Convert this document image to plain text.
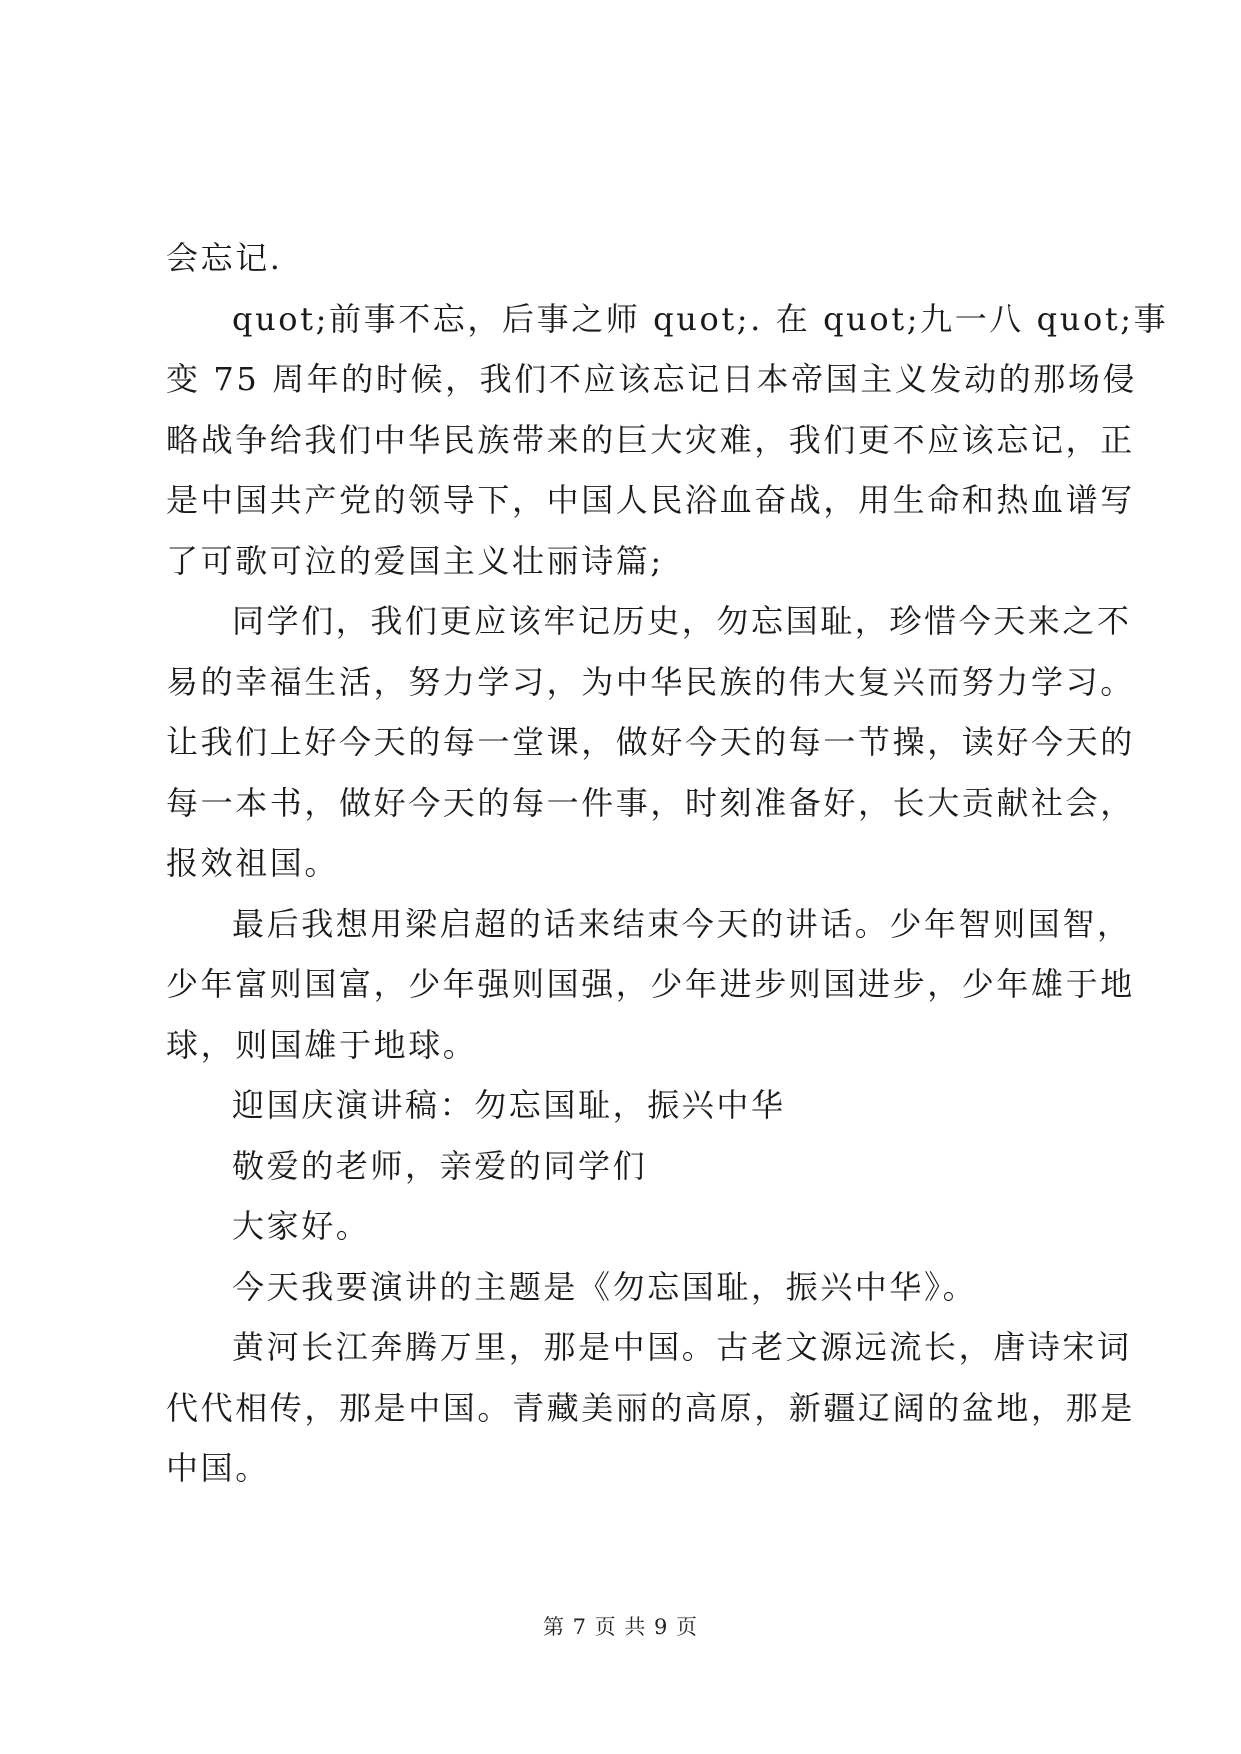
会忘记.
quot;前事不忘，后事之师 quot;. 在 quot;九一八 quot;事
变 75 周年的时候，我们不应该忘记日本帝国主义发动的那场侵
略战争给我们中华民族带来的巨大灾难，我们更不应该忘记，正
是中国共产党的领导下，中国人民浴血奋战，用生命和热血谱写
了可歌可泣的爱国主义壮丽诗篇;
同学们，我们更应该牢记历史，勿忘国耻，珍惜今天来之不
易的幸福生活，努力学习，为中华民族的伟大复兴而努力学习。
让我们上好今天的每一堂课，做好今天的每一节操，读好今天的
每一本书，做好今天的每一件事，时刻准备好，长大贡献社会，
报效祖国。
最后我想用梁启超的话来结束今天的讲话。少年智则国智，
少年富则国富，少年强则国强，少年进步则国进步，少年雄于地
球，则国雄于地球。
迎国庆演讲稿：勿忘国耻，振兴中华
敬爱的老师，亲爱的同学们
大家好。
今天我要演讲的主题是《勿忘国耻，振兴中华》。
黄河长江奔腾万里，那是中国。古老文源远流长，唐诗宋词
代代相传，那是中国。青藏美丽的高原，新疆辽阔的盆地，那是
中国。
第 7 页 共 9 页
